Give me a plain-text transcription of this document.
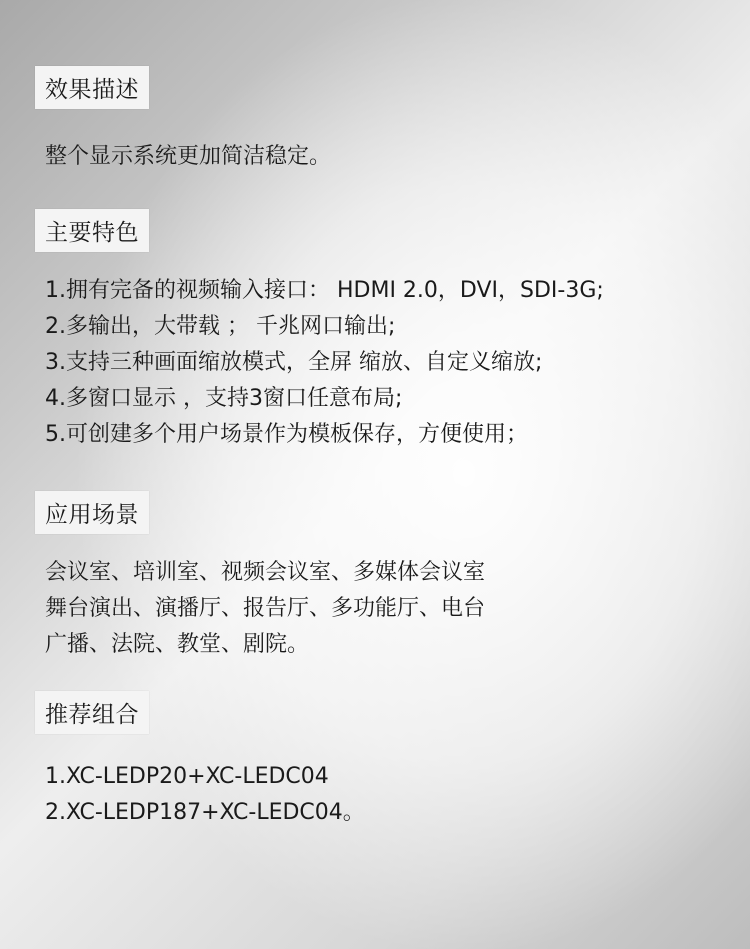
效果描述
整个显示系统更加简洁稳定。
主要特色
1.拥有完备的视频输入接口： HDMI 2.0，DVI，SDI-3G;
2.多输出，大带载 ； 千兆网口输出;
3.支持三种画面缩放模式，全屏 缩放、自定义缩放;
4.多窗口显示 ，支持3窗口任意布局;
5.可创建多个用户场景作为模板保存，方便使用；
应用场景
会议室、培训室、视频会议室、多媒体会议室
舞台演出、演播厅、报告厅、多功能厅、电台
广播、法院、教堂、剧院。
推荐组合
1.XC-LEDP20+XC-LEDC04
2.XC-LEDP187+XC-LEDC04。
